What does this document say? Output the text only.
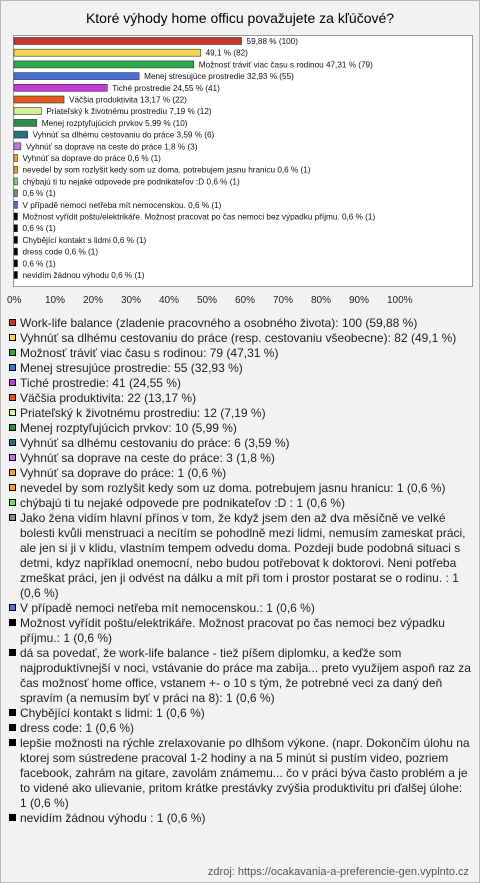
Ktoré výhody home officu považujete za kľúčové?
59,88 % (100)
49,1 % (82)
Možnosť tráviť viac času s rodinou 47,31 % (79)
Menej stresujúce prostredie 32,93 % (55)
Tiché prostredie 24,55 % (41)
Väčšia produktivita 13,17 % (22)
Priateľský k životnému prostrediu 7,19 % (12)
Menej rozptyľujúcich prvkov 5,99 % (10)
Vyhnúť sa dlhému cestovaniu do práce 3,59 % (6)
Vyhnúť sa doprave na ceste do práce 1,8 % (3)
Vyhnúť sa doprave do práce 0,6 % (1)
nevedel by som rozlyšit kedy som uz doma. potrebujem jasnu hranicu 0,6 % (1)
chýbajú ti tu nejaké odpovede pre podnikateľov :D 0,6 % (1)
0,6 % (1)
V případě nemoci netřeba mít nemocenskou. 0,6 % (1)
Možnost vyřídit poštu/elektrikáře. Možnost pracovat po čas nemoci bez výpadku příjmu. 0,6 % (1)
0,6 % (1)
Chybějící kontakt s lidmi 0,6 % (1)
dress code 0,6 % (1)
0,6 % (1)
nevidím žádnou výhodu 0,6 % (1)
0% 10% 20% 30% 40% 50% 60% 70% 80% 90% 100%
Work-life balance (zladenie pracovného a osobného života): 100 (59,88 %)
Vyhnúť sa dlhému cestovaniu do práce (resp. cestovaniu všeobecne): 82 (49,1 %)
Možnosť tráviť viac času s rodinou: 79 (47,31 %)
Menej stresujúce prostredie: 55 (32,93 %)
Tiché prostredie: 41 (24,55 %)
Väčšia produktivita: 22 (13,17 %)
Priateľský k životnému prostrediu: 12 (7,19 %)
Menej rozptyľujúcich prvkov: 10 (5,99 %)
Vyhnúť sa dlhému cestovaniu do práce: 6 (3,59 %)
Vyhnúť sa doprave na ceste do práce: 3 (1,8 %)
Vyhnúť sa doprave do práce: 1 (0,6 %)
nevedel by som rozlyšit kedy som uz doma. potrebujem jasnu hranicu: 1 (0,6 %)
chýbajú ti tu nejaké odpovede pre podnikateľov :D : 1 (0,6 %)
Jako žena vidím hlavní přínos v tom, že když jsem den až dva měsíčně ve velké bolesti kvůli menstruaci a necítím se pohodlně mezi lidmi, nemusím zameskat práci, ale jen si ji v klidu, vlastním tempem odvedu doma. Pozdeji bude podobná situaci s detmi, kdyz například onemocní, nebo budou potřebovat k doktorovi. Neni potřeba zmeškat práci, jen ji odvést na dálku a mít při tom i prostor postarat se o rodinu. : 1 (0,6 %)
V případě nemoci netřeba mít nemocenskou.: 1 (0,6 %)
Možnost vyřídit poštu/elektrikáře. Možnost pracovat po čas nemoci bez výpadku příjmu.: 1 (0,6 %)
dá sa povedať, že work-life balance - tiež píšem diplomku, a keďže som najproduktívnejší v noci, vstávanie do práce ma zabíja... preto využijem aspoň raz za čas možnosť home office, vstanem +- o 10 s tým, že potrebné veci za daný deň spravím (a nemusím byť v práci na 8): 1 (0,6 %)
Chybějící kontakt s lidmi: 1 (0,6 %)
dress code: 1 (0,6 %)
lepšie možnosti na rýchle zrelaxovanie po dlhšom výkone. (napr. Dokončím úlohu na ktorej som sústredene pracoval 1-2 hodiny a na 5 minút si pustím video, pozriem facebook, zahrám na gitare, zavolám známemu... čo v práci býva často problém a je to videné ako ulievanie, pritom krátke prestávky zvýšia produktivitu pri ďalšej úlohe: 1 (0,6 %)
nevidím žádnou výhodu : 1 (0,6 %)
zdroj: https://ocakavania-a-preferencie-gen.vyplnto.cz
